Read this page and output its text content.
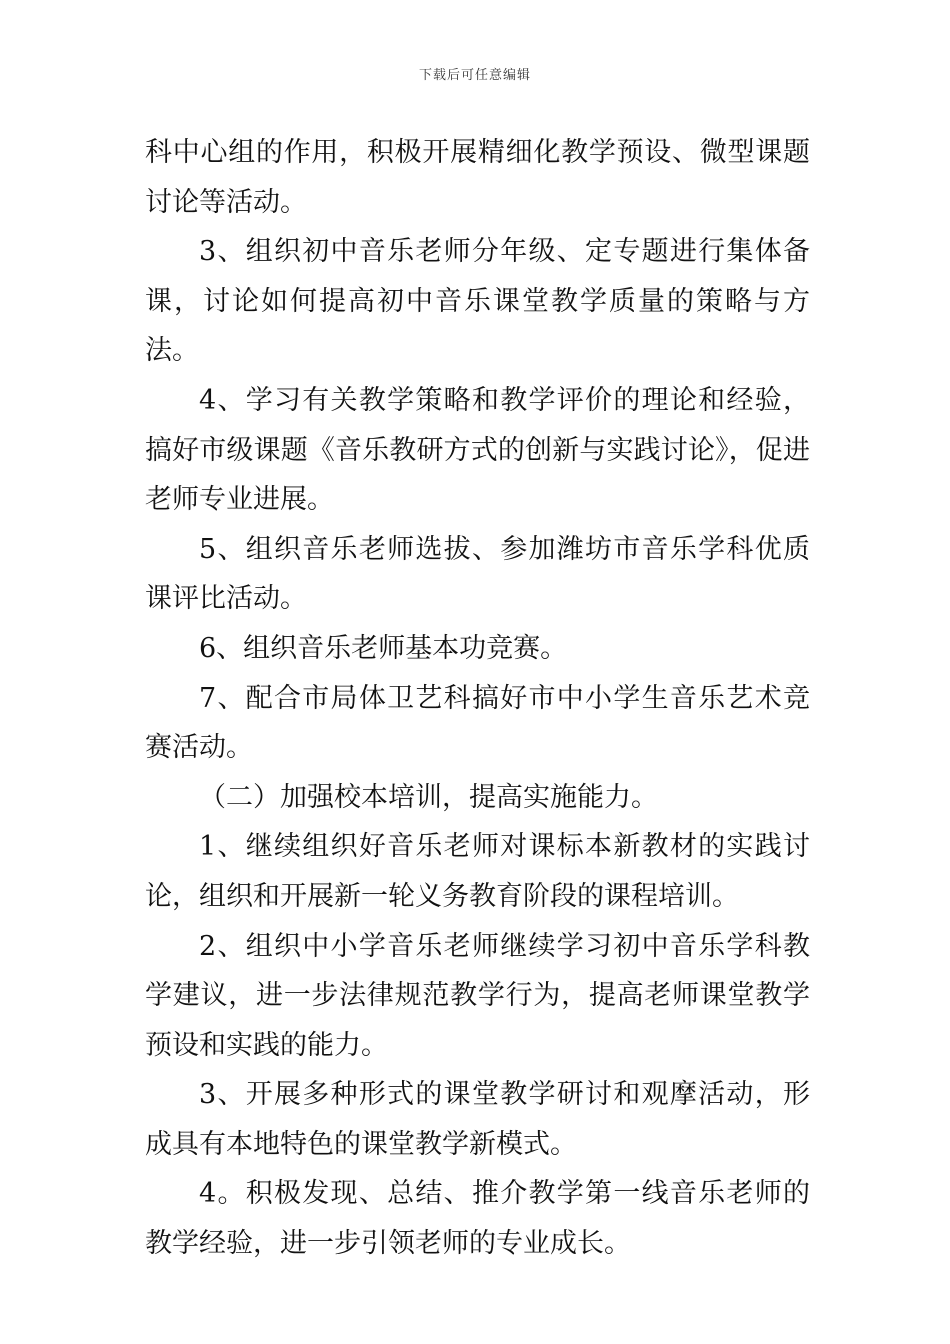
下载后可任意编辑

科中心组的作用，积极开展精细化教学预设、微型课题讨论等活动。

3、组织初中音乐老师分年级、定专题进行集体备课，讨论如何提高初中音乐课堂教学质量的策略与方法。

4、学习有关教学策略和教学评价的理论和经验，搞好市级课题《音乐教研方式的创新与实践讨论》，促进老师专业进展。

5、组织音乐老师选拔、参加潍坊市音乐学科优质课评比活动。

6、组织音乐老师基本功竞赛。

7、配合市局体卫艺科搞好市中小学生音乐艺术竞赛活动。

（二）加强校本培训，提高实施能力。

1、继续组织好音乐老师对课标本新教材的实践讨论，组织和开展新一轮义务教育阶段的课程培训。

2、组织中小学音乐老师继续学习初中音乐学科教学建议，进一步法律规范教学行为，提高老师课堂教学预设和实践的能力。

3、开展多种形式的课堂教学研讨和观摩活动，形成具有本地特色的课堂教学新模式。

4。积极发现、总结、推介教学第一线音乐老师的教学经验，进一步引领老师的专业成长。
